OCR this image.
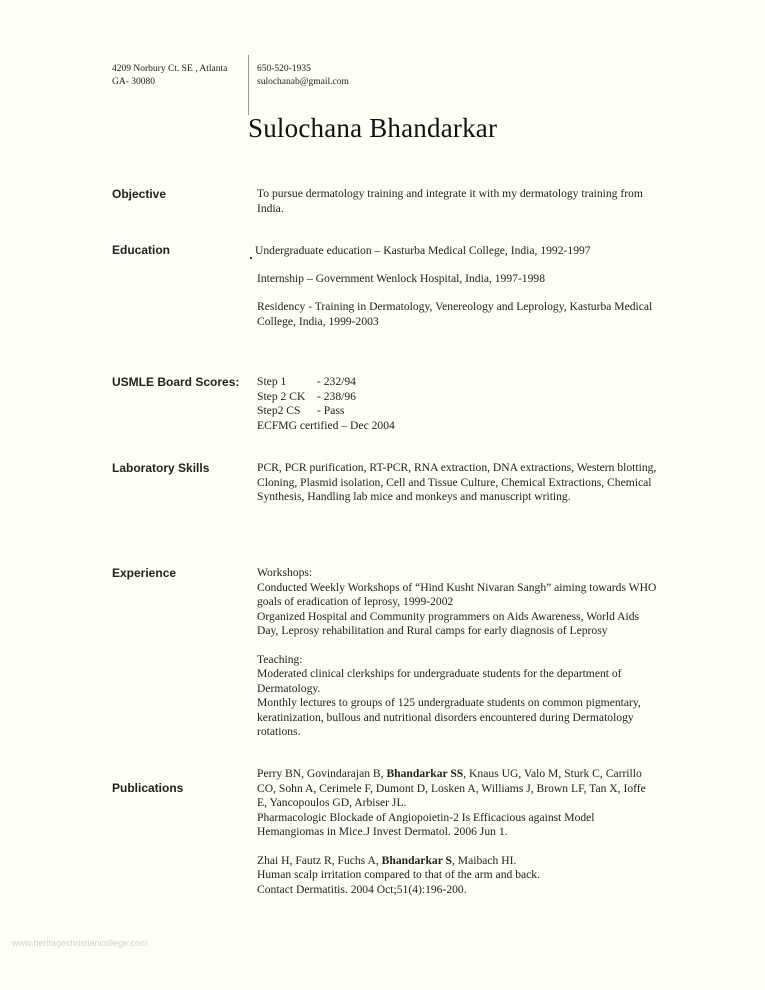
4209 Norbury Ct. SE , Atlanta
GA- 30080
650-520-1935
sulochanab@gmail.com
Sulochana Bhandarkar
Objective	To pursue dermatology training and integrate it with my dermatology training from India.
Education	Undergraduate education – Kasturba Medical College, India, 1992-1997
Internship – Government Wenlock Hospital, India, 1997-1998
Residency - Training in Dermatology, Venereology and Leprology, Kasturba Medical College, India, 1999-2003
USMLE Board Scores: Step 1	- 232/94
Step 2 CK	- 238/96
Step2 CS	- Pass
ECFMG certified – Dec 2004
Laboratory Skills	PCR, PCR purification, RT-PCR, RNA extraction, DNA extractions, Western blotting, Cloning, Plasmid isolation, Cell and Tissue Culture, Chemical Extractions, Chemical Synthesis, Handling lab mice and monkeys and manuscript writing.
Experience	Workshops:
Conducted Weekly Workshops of “Hind Kusht Nivaran Sangh” aiming towards WHO goals of eradication of leprosy, 1999-2002
Organized Hospital and Community programmers on Aids Awareness, World Aids Day, Leprosy rehabilitation and Rural camps for early diagnosis of Leprosy
Teaching:
Moderated clinical clerkships for undergraduate students for the department of Dermatology.
Monthly lectures to groups of 125 undergraduate students on common pigmentary, keratinization, bullous and nutritional disorders encountered during Dermatology rotations.
Publications
Perry BN, Govindarajan B, Bhandarkar SS, Knaus UG, Valo M, Sturk C, Carrillo CO, Sohn A, Cerimele F, Dumont D, Losken A, Williams J, Brown LF, Tan X, Ioffe E, Yancopoulos GD, Arbiser JL.
Pharmacologic Blockade of Angiopoietin-2 Is Efficacious against Model Hemangiomas in Mice.J Invest Dermatol. 2006 Jun 1.
Zhai H, Fautz R, Fuchs A, Bhandarkar S, Maibach HI.
Human scalp irritation compared to that of the arm and back.
Contact Dermatitis. 2004 Oct;51(4):196-200.
www.heritagechristiancollege.com
